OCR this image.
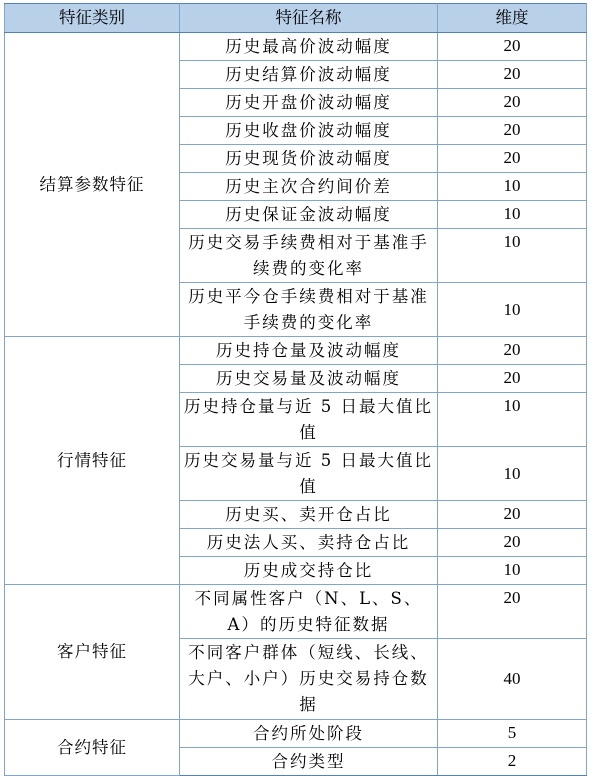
特征类别	特征名称	维度
结算参数特征	历史最高价波动幅度	20
	历史结算价波动幅度	20
	历史开盘价波动幅度	20
	历史收盘价波动幅度	20
	历史现货价波动幅度	20
	历史主次合约间价差	10
	历史保证金波动幅度	10
	历史交易手续费相对于基准手续费的变化率	10
	历史平今仓手续费相对于基准手续费的变化率	10
行情特征	历史持仓量及波动幅度	20
	历史交易量及波动幅度	20
	历史持仓量与近 5 日最大值比值	10
	历史交易量与近 5 日最大值比值	10
	历史买、卖开仓占比	20
	历史法人买、卖持仓占比	20
	历史成交持仓比	10
客户特征	不同属性客户（N、L、S、A）的历史特征数据	20
	不同客户群体（短线、长线、大户、小户）历史交易持仓数据	40
合约特征	合约所处阶段	5
	合约类型	2
